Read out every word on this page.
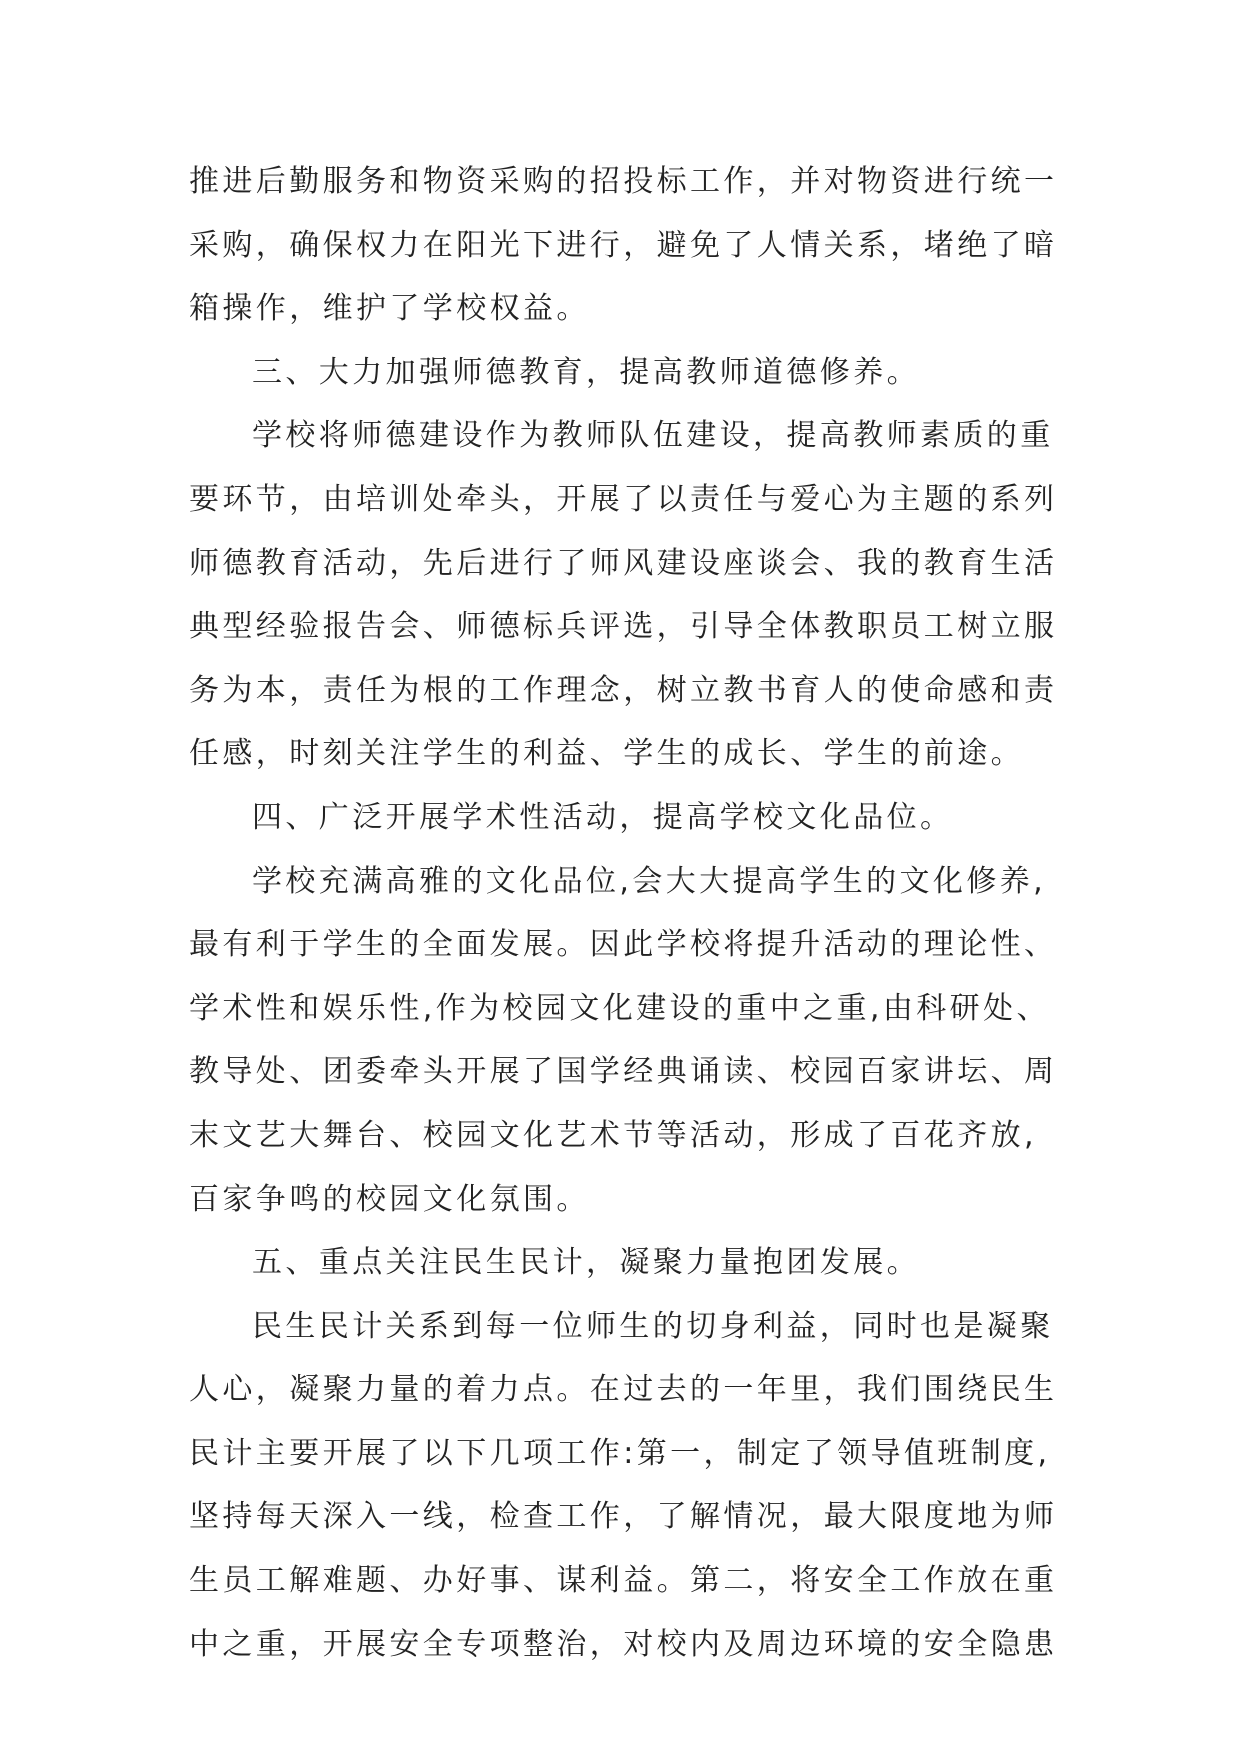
推进后勤服务和物资采购的招投标工作，并对物资进行统一
采购，确保权力在阳光下进行，避免了人情关系，堵绝了暗
箱操作，维护了学校权益。
三、大力加强师德教育，提高教师道德修养。
学校将师德建设作为教师队伍建设，提高教师素质的重
要环节，由培训处牵头，开展了以责任与爱心为主题的系列
师德教育活动，先后进行了师风建设座谈会、我的教育生活
典型经验报告会、师德标兵评选，引导全体教职员工树立服
务为本，责任为根的工作理念，树立教书育人的使命感和责
任感，时刻关注学生的利益、学生的成长、学生的前途。
四、广泛开展学术性活动，提高学校文化品位。
学校充满高雅的文化品位,会大大提高学生的文化修养,
最有利于学生的全面发展。因此学校将提升活动的理论性、
学术性和娱乐性,作为校园文化建设的重中之重,由科研处、
教导处、团委牵头开展了国学经典诵读、校园百家讲坛、周
末文艺大舞台、校园文化艺术节等活动，形成了百花齐放,
百家争鸣的校园文化氛围。
五、重点关注民生民计，凝聚力量抱团发展。
民生民计关系到每一位师生的切身利益，同时也是凝聚
人心，凝聚力量的着力点。在过去的一年里，我们围绕民生
民计主要开展了以下几项工作:第一，制定了领导值班制度,
坚持每天深入一线，检查工作，了解情况，最大限度地为师
生员工解难题、办好事、谋利益。第二，将安全工作放在重
中之重，开展安全专项整治，对校内及周边环境的安全隐患
